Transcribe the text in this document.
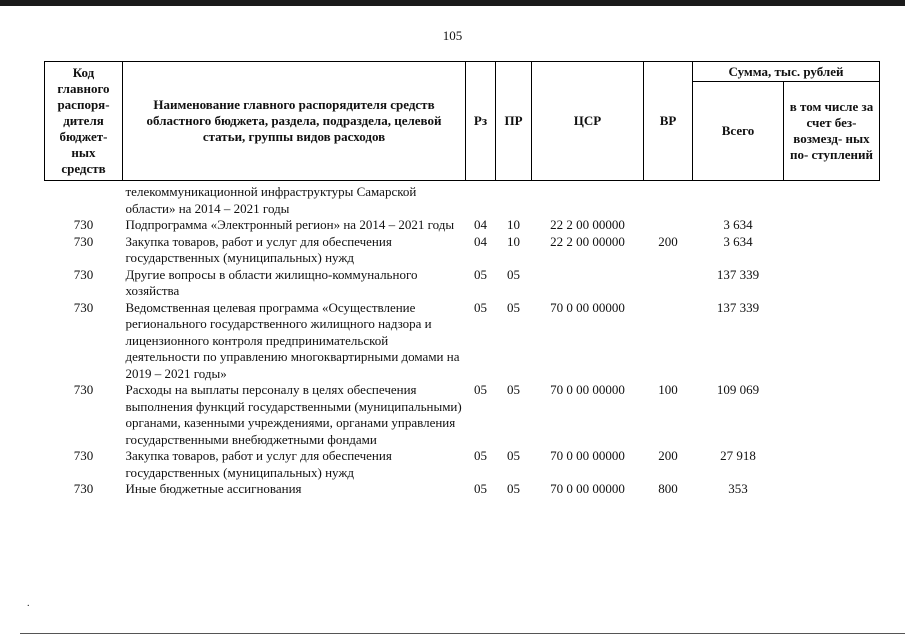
105
Код главного распоря- дителя бюджет- ных средств	Наименование главного распорядителя средств областного бюджета, раздела, подраздела, целевой статьи, группы видов расходов	Рз	ПР	ЦСР	ВР	Сумма, тыс. рублей	
						Всего	в том числе за счет без- возмезд- ных по- ступлений
	телекоммуникационной инфраструктуры Самарской области» на 2014 – 2021 годы						
730	Подпрограмма «Электронный регион» на 2014 – 2021 годы	04	10	22 2 00 00000		3 634	
730	Закупка товаров, работ и услуг для обеспечения государственных (муниципальных) нужд	04	10	22 2 00 00000	200	3 634	
730	Другие вопросы в области жилищно-коммунального хозяйства	05	05			137 339	
730	Ведомственная целевая программа «Осуществление регионального государственного жилищного надзора и лицензионного контроля предпринимательской деятельности по управлению многоквартирными домами на 2019 – 2021 годы»	05	05	70 0 00 00000		137 339	
730	Расходы на выплаты персоналу в целях обеспечения выполнения функций государственными (муниципальными) органами, казенными учреждениями, органами управления государственными внебюджетными фондами	05	05	70 0 00 00000	100	109 069	
730	Закупка товаров, работ и услуг для обеспечения государственных (муниципальных) нужд	05	05	70 0 00 00000	200	27 918	
730	Иные бюджетные ассигнования	05	05	70 0 00 00000	800	353	
.
